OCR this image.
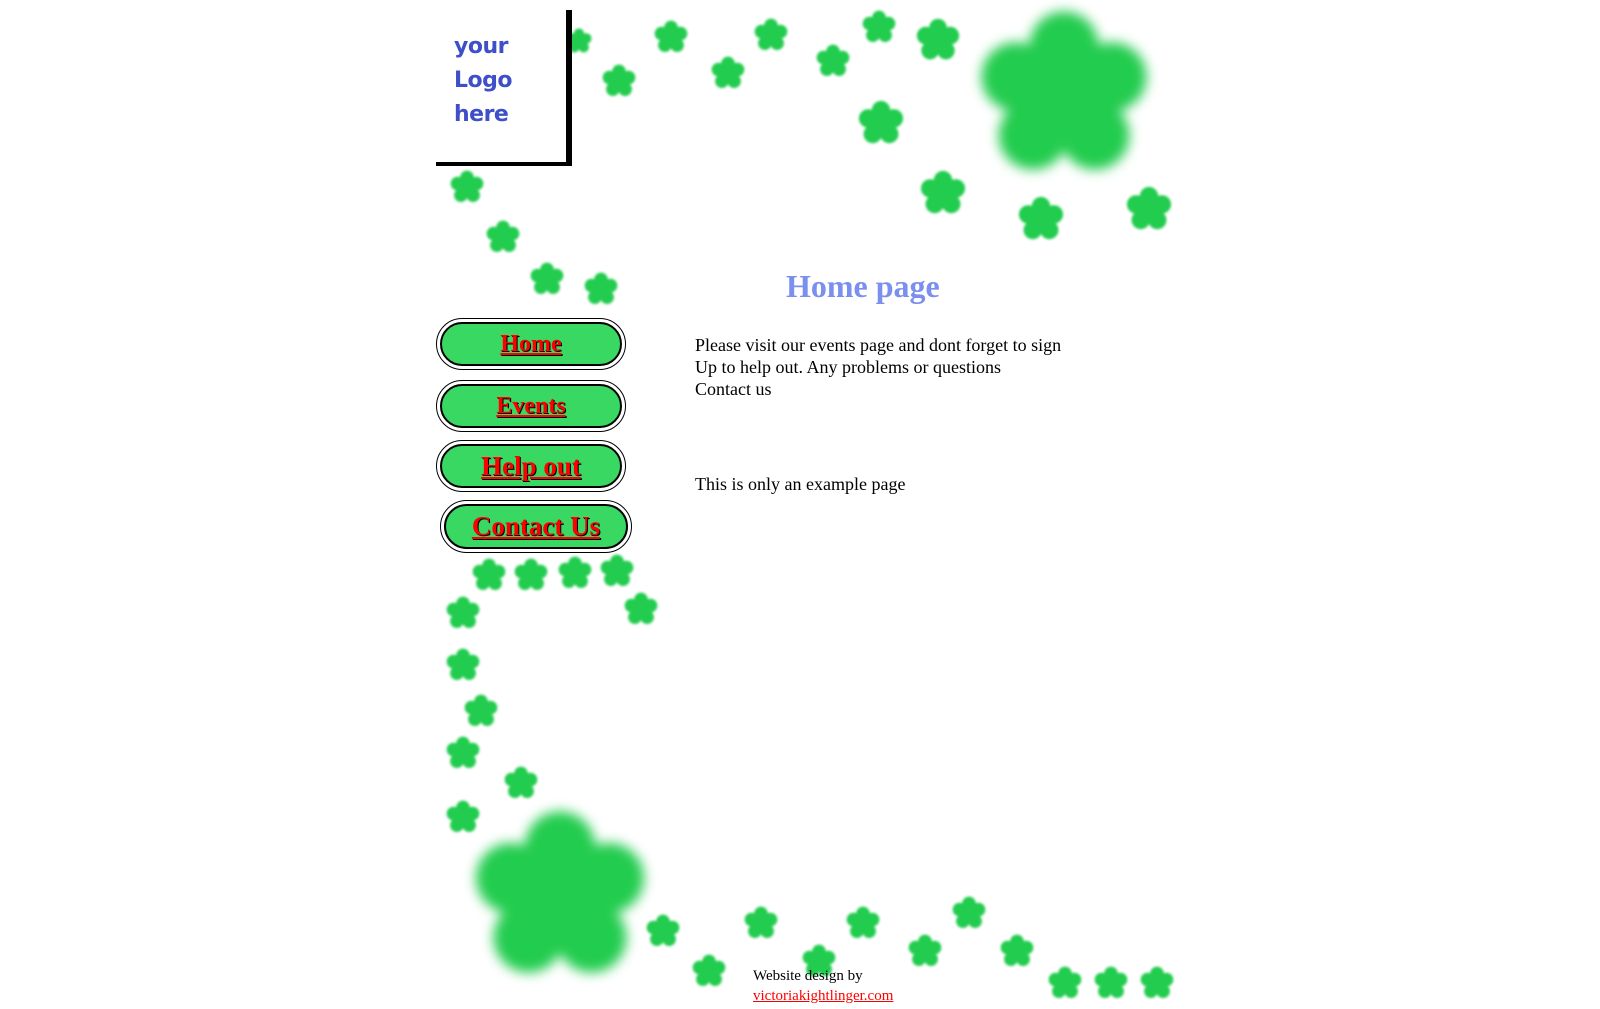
your
Logo
here
Home
Events
Help out
Contact Us
Home page
Please visit our events page and dont forget to sign
Up to help out. Any problems or questions
Contact us
This is only an example page
Website design by
victoriakightlinger.com
